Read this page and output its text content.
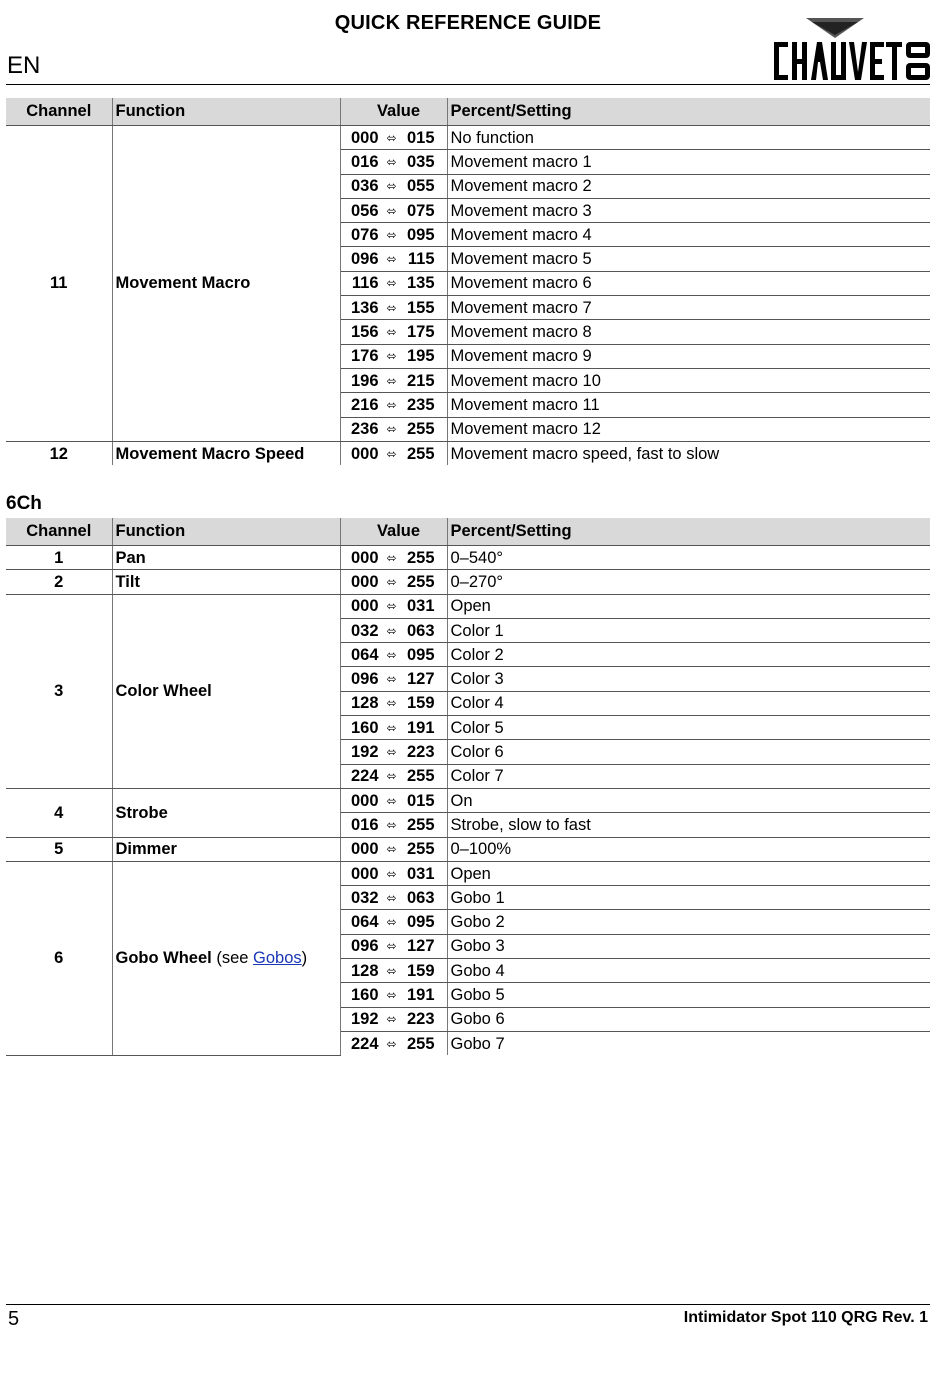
QUICK REFERENCE GUIDE
EN
Channel	Function	Value	Percent/Setting
11	Movement Macro	000 ⬄ 015	No function
		016 ⬄ 035	Movement macro 1
		036 ⬄ 055	Movement macro 2
		056 ⬄ 075	Movement macro 3
		076 ⬄ 095	Movement macro 4
		096 ⬄ 115	Movement macro 5
		116 ⬄ 135	Movement macro 6
		136 ⬄ 155	Movement macro 7
		156 ⬄ 175	Movement macro 8
		176 ⬄ 195	Movement macro 9
		196 ⬄ 215	Movement macro 10
		216 ⬄ 235	Movement macro 11
		236 ⬄ 255	Movement macro 12
12	Movement Macro Speed	000 ⬄ 255	Movement macro speed, fast to slow
6Ch
Channel	Function	Value	Percent/Setting
1	Pan	000 ⬄ 255	0–540°
2	Tilt	000 ⬄ 255	0–270°
3	Color Wheel	000 ⬄ 031	Open
		032 ⬄ 063	Color 1
		064 ⬄ 095	Color 2
		096 ⬄ 127	Color 3
		128 ⬄ 159	Color 4
		160 ⬄ 191	Color 5
		192 ⬄ 223	Color 6
		224 ⬄ 255	Color 7
4	Strobe	000 ⬄ 015	On
		016 ⬄ 255	Strobe, slow to fast
5	Dimmer	000 ⬄ 255	0–100%
6	Gobo Wheel (see Gobos)	000 ⬄ 031	Open
		032 ⬄ 063	Gobo 1
		064 ⬄ 095	Gobo 2
		096 ⬄ 127	Gobo 3
		128 ⬄ 159	Gobo 4
		160 ⬄ 191	Gobo 5
		192 ⬄ 223	Gobo 6
		224 ⬄ 255	Gobo 7
5	Intimidator Spot 110 QRG Rev. 1
